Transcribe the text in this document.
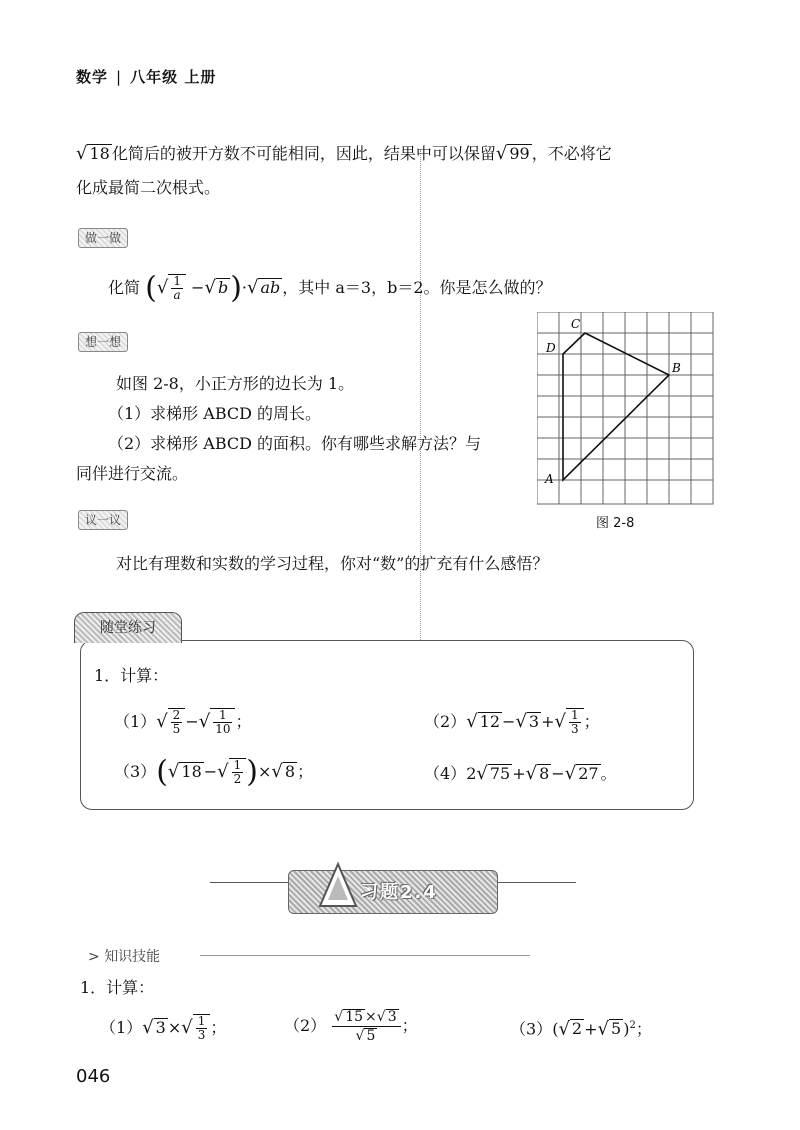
数学 | 八年级 上册
√ 18 化简后的被开方数不可能相同，因此，结果中可以保留√ 99 ，不必将它
化成最简二次根式。
做一做
化简 (√ $\frac{1}{a}$ −√ b)·√ ab ，其中 a＝3，b＝2。你是怎么做的？
想一想
如图 2-8，小正方形的边长为 1。
（1）求梯形 ABCD 的周长。
（2）求梯形 ABCD 的面积。你有哪些求解方法？与
同伴进行交流。	A
B
C
D
图 2-8
议一议
对比有理数和实数的学习过程，你对“数”的扩充有什么感悟？
随堂练习
1．计算：
$(1)√ \frac{2}{5}$ −√ $\frac{1}{10}$ ；	（2）√ 12 −√ 3 +√ $\frac{1}{3}$ ；
（3）(√ 18 −√ $\frac{1}{2}$ )×√ 8 ；	（4）2√ 75 +√ 8 −√ 27 。
习题2.4
> 知识技能
1．计算：
（1）√ 3 ×√ $\frac{1}{3}$ ；	$(2) \frac{√ 15 \times√ 3}{√ 5}$ ；	（3）(√ 2 +√ 5 )$^2$；
046
